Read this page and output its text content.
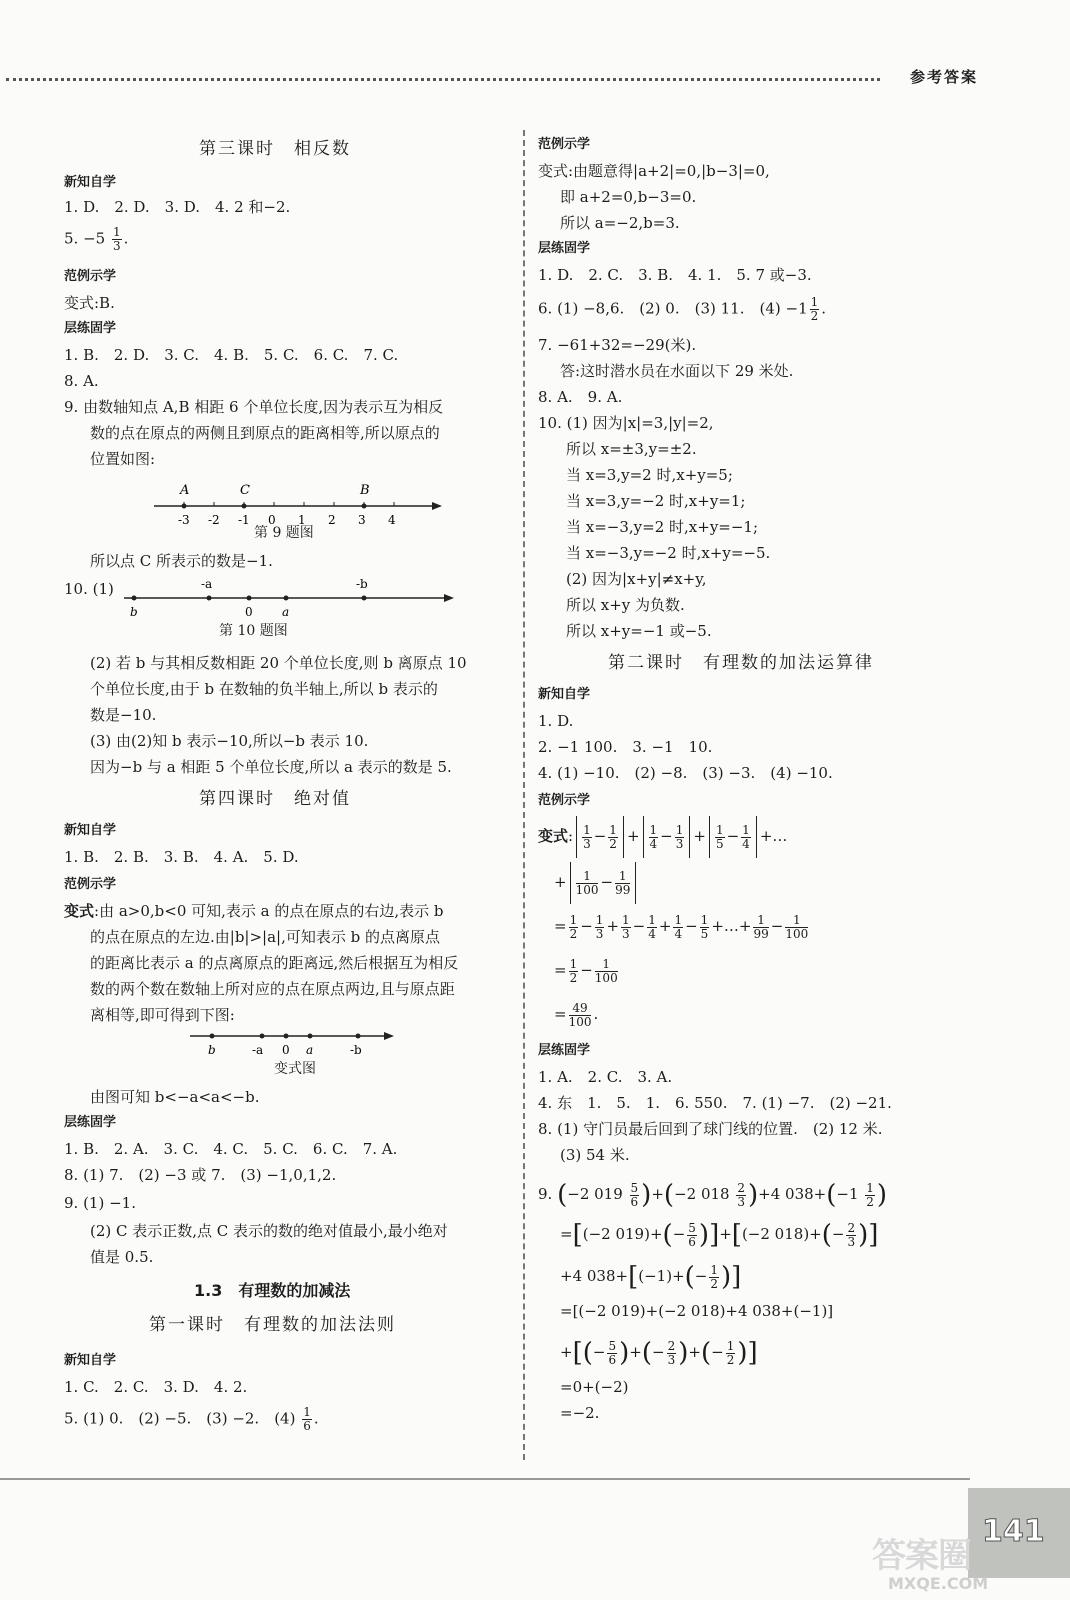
参考答案
第三课时　相反数
新知自学
1. D.　2. D.　3. D.　4. 2 和−2.
5. $-5 \frac{1}{3}$ .
范例示学
变式:B.
层练固学
1. B.　2. D.　3. C.　4. B.　5. C.　6. C.　7. C.
8. A.
9. 由数轴知点 A,B 相距 6 个单位长度,因为表示互为相反
数的点在原点的两侧且到原点的距离相等,所以原点的
位置如图:
-3 -2 -1 0 1 2 3 4
A	C	B
第 9 题图
所以点 C 所表示的数是−1.
10. (1)	-a	-b
b	0 a
第 10 题图
(2) 若 b 与其相反数相距 20 个单位长度,则 b 离原点 10
个单位长度,由于 b 在数轴的负半轴上,所以 b 表示的
数是−10.
(3) 由(2)知 b 表示−10,所以−b 表示 10.
因为−b 与 a 相距 5 个单位长度,所以 a 表示的数是 5.
第四课时　绝对值
新知自学
1. B.　2. B.　3. B.　4. A.　5. D.
范例示学
变式:由 a>0,b<0 可知,表示 a 的点在原点的右边,表示 b
的点在原点的左边.由|b|>|a|,可知表示 b 的点离原点
的距离比表示 a 的点离原点的距离远,然后根据互为相反
数的两个数在数轴上所对应的点在原点两边,且与原点距
离相等,即可得到下图:
b	-a 0 a	-b
变式图
由图可知 b<−a<a<−b.
层练固学
1. B.　2. A.　3. C.　4. C.　5. C.　6. C.　7. A.
8. (1) 7.　(2) −3 或 7.　(3) −1,0,1,2.
9. (1) −1.
(2) C 表示正数,点 C 表示的数的绝对值最小,最小绝对
值是 0.5.
1.3　有理数的加减法
第一课时　有理数的加法法则
新知自学
1. C.　2. C.　3. D.　4. 2.
5. (1) 0.　(2) −5.　(3) −2.　$(4) \frac{1}{6}$ .
范例示学
变式:由题意得|a+2|=0,|b−3|=0,
即 a+2=0,b−3=0.
所以 a=−2,b=3.
层练固学
1. D.　2. C.　3. B.　4. 1.　5. 7 或−3.
6. (1) −8,6.　(2) 0.　(3) 11.　$(4) -1 \frac{1}{2}$ .
7. −61+32=−29(米).
答:这时潜水员在水面以下 29 米处.
8. A.　9. A.
10. (1) 因为|x|=3,|y|=2,
所以 x=±3,y=±2.
当 x=3,y=2 时,x+y=5;
当 x=3,y=−2 时,x+y=1;
当 x=−3,y=2 时,x+y=−1;
当 x=−3,y=−2 时,x+y=−5.
(2) 因为|x+y|≠x+y,
所以 x+y 为负数.
所以 x+y=−1 或−5.
第二课时　有理数的加法运算律
新知自学
1. D.
2. −1 100.　3. −1　10.
4. (1) −10.　(2) −8.　(3) −3.　(4) −10.
范例示学
变式: $\frac{1}{3} - \frac{1}{2} + \frac{1}{4} - \frac{1}{3} + \frac{1}{5} - \frac{1}{4}$ +…
+ $\frac{1}{100} - \frac{1}{99}$
= $\frac{1}{2} - \frac{1}{3} + \frac{1}{3} - \frac{1}{4} + \frac{1}{4} - \frac{1}{5}$ +…+ $\frac{1}{99} - \frac{1}{100}$
= $\frac{1}{2} - \frac{1}{100}$
= $\frac{49}{100}$ .
层练固学
1. A.　2. C.　3. A.
4. 东　1.　5.　1.　6. 550.　7. (1) −7.　(2) −21.
8. (1) 守门员最后回到了球门线的位置.　(2) 12 米.
(3) 54 米.
9. (−2 $019 \frac{5}{6} )+(-2$ $018 \frac{2}{3} )+4$ $038+(-1 \frac{1}{2}$ )
=[(−2 $019)+(- \frac{5}{6} )]+[(-2$ $018)+(- \frac{2}{3}$ )]
+4 $038+[(-1)+(- \frac{1}{2}$ )]
=[(−2 019)+(−2 018)+4 038+(−1)]
+[(− $\frac{5}{6}$ )+(− $\frac{2}{3}$ )+(− $\frac{1}{2}$ )]
=0+(−2)
=−2.
141
答案圈
MXQE.COM
